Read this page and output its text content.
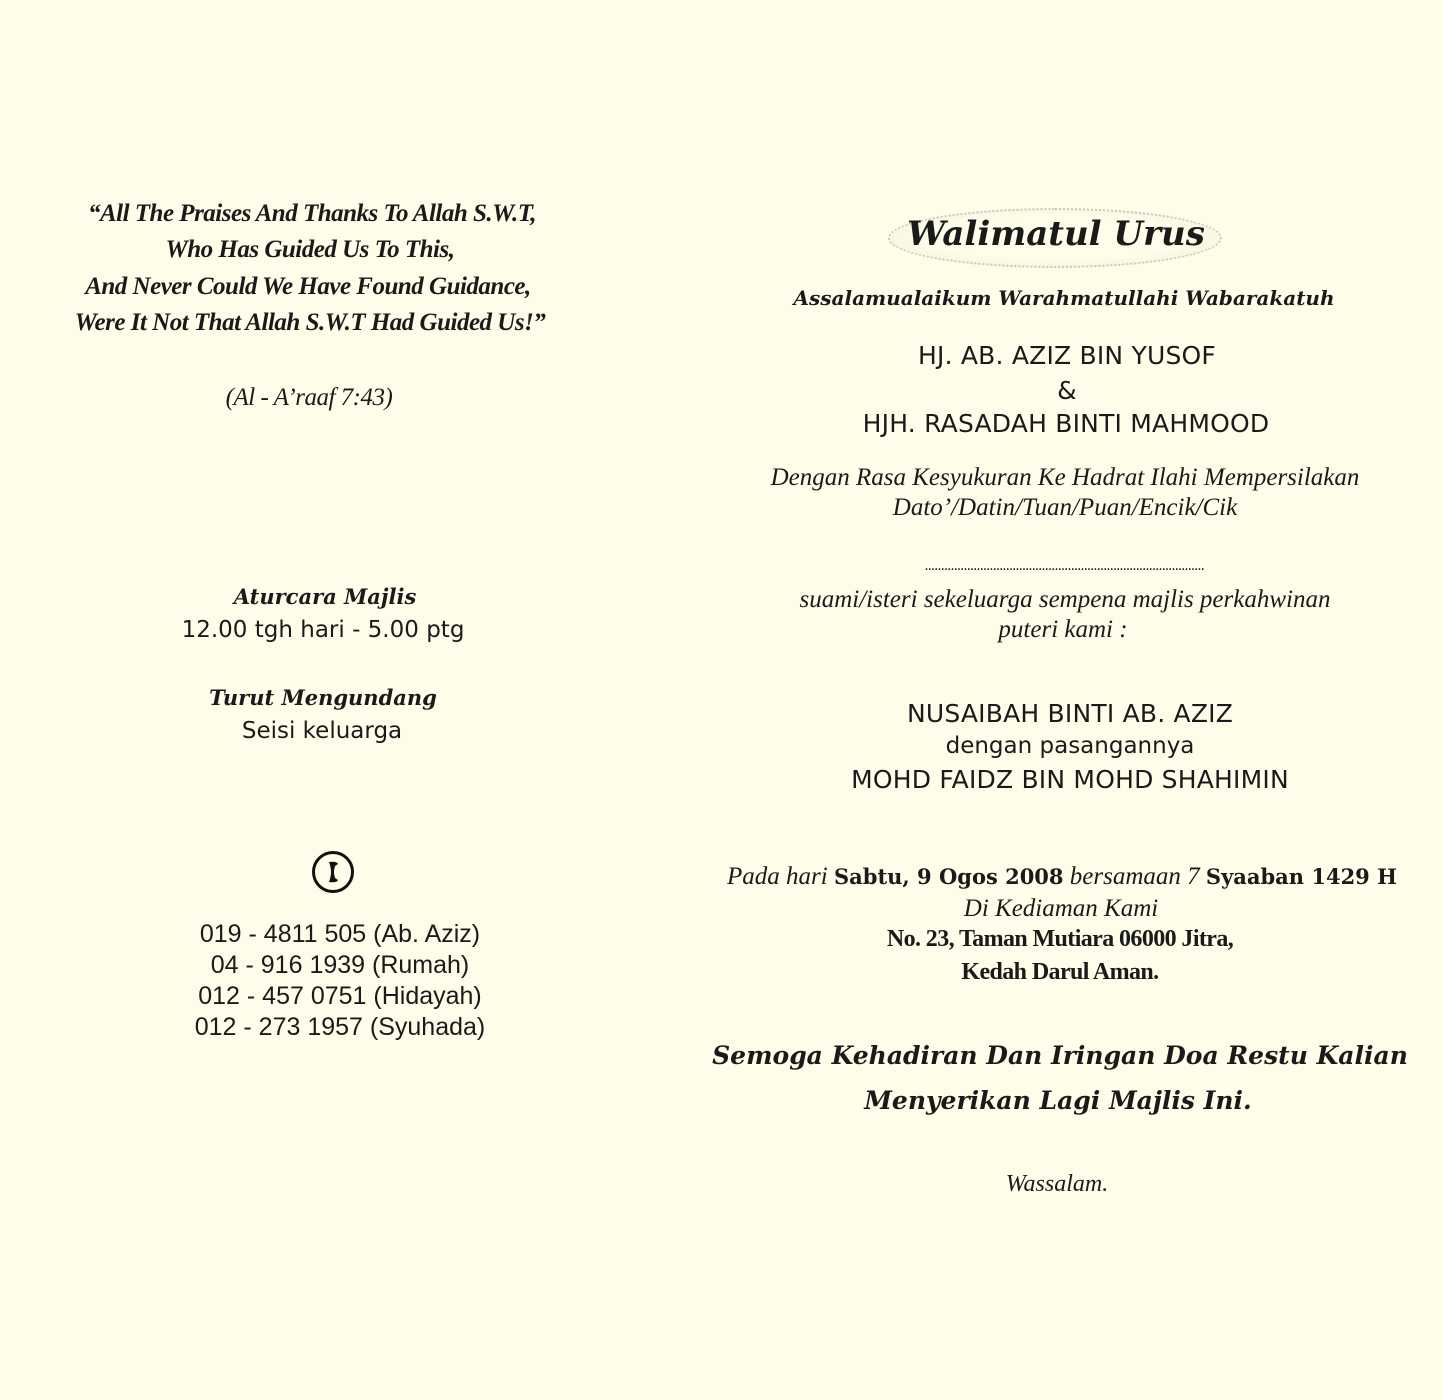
“All The Praises And Thanks To Allah S.W.T,
Who Has Guided Us To This,
And Never Could We Have Found Guidance,
Were It Not That Allah S.W.T Had Guided Us!”
(Al - A’raaf 7:43)
Aturcara Majlis
12.00 tgh hari - 5.00 ptg
Turut Mengundang
Seisi keluarga
019 - 4811 505 (Ab. Aziz)
04 - 916 1939 (Rumah)
012 - 457 0751 (Hidayah)
012 - 273 1957 (Syuhada)
Walimatul Urus
Assalamualaikum Warahmatullahi Wabarakatuh
HJ. AB. AZIZ BIN YUSOF
&
HJH. RASADAH BINTI MAHMOOD
Dengan Rasa Kesyukuran Ke Hadrat Ilahi Mempersilakan
Dato’/Datin/Tuan/Puan/Encik/Cik
......................................................................................
suami/isteri sekeluarga sempena majlis perkahwinan
puteri kami :
NUSAIBAH BINTI AB. AZIZ
dengan pasangannya
MOHD FAIDZ BIN MOHD SHAHIMIN
Pada hari Sabtu, 9 Ogos 2008 bersamaan 7 Syaaban 1429 H
Di Kediaman Kami
No. 23, Taman Mutiara 06000 Jitra,
Kedah Darul Aman.
Semoga Kehadiran Dan Iringan Doa Restu Kalian
Menyerikan Lagi Majlis Ini.
Wassalam.
